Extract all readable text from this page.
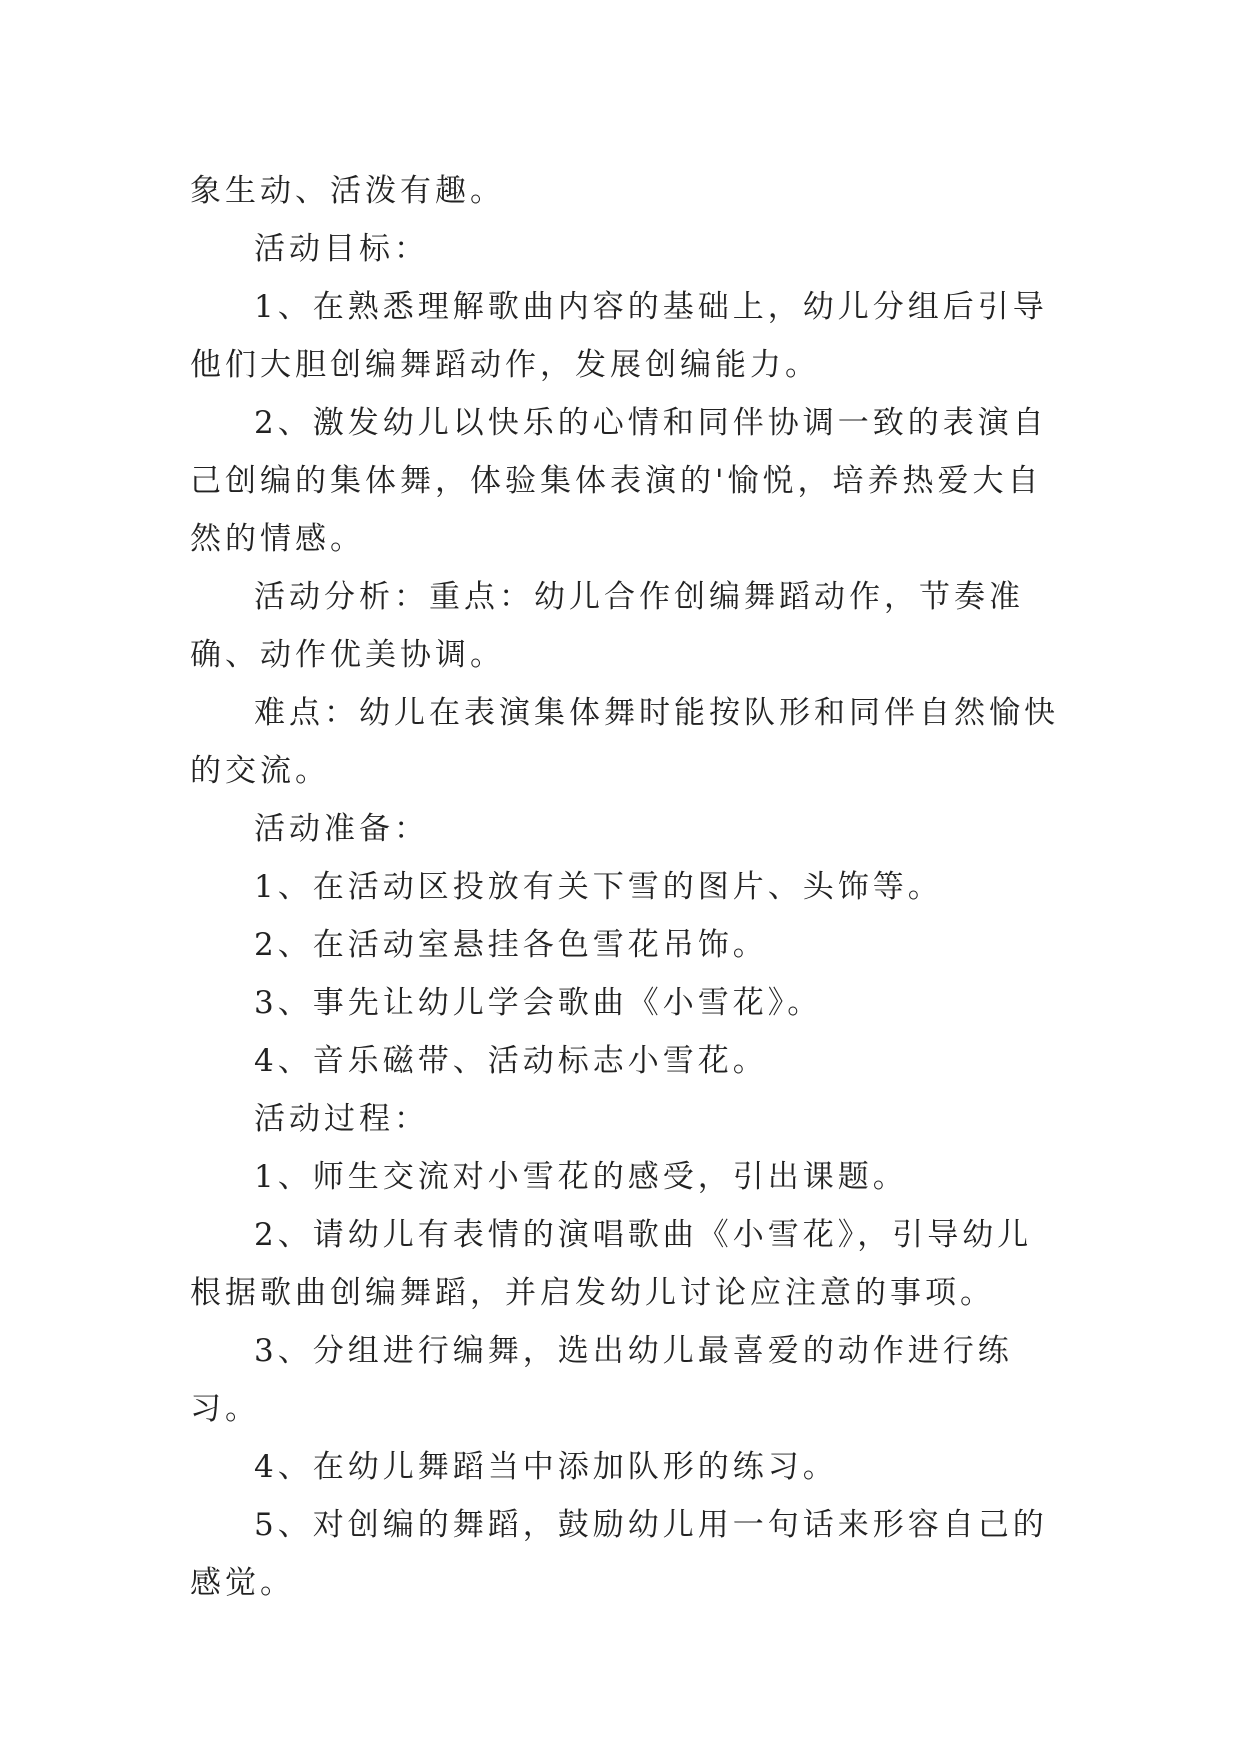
象生动、活泼有趣。

活动目标：

1、在熟悉理解歌曲内容的基础上，幼儿分组后引导他们大胆创编舞蹈动作，发展创编能力。

2、激发幼儿以快乐的心情和同伴协调一致的表演自己创编的集体舞，体验集体表演的'愉悦，培养热爱大自然的情感。

活动分析：重点：幼儿合作创编舞蹈动作，节奏准确、动作优美协调。

难点：幼儿在表演集体舞时能按队形和同伴自然愉快的交流。

活动准备：

1、在活动区投放有关下雪的图片、头饰等。

2、在活动室悬挂各色雪花吊饰。

3、事先让幼儿学会歌曲《小雪花》。

4、音乐磁带、活动标志小雪花。

活动过程：

1、师生交流对小雪花的感受，引出课题。

2、请幼儿有表情的演唱歌曲《小雪花》，引导幼儿根据歌曲创编舞蹈，并启发幼儿讨论应注意的事项。

3、分组进行编舞，选出幼儿最喜爱的动作进行练习。

4、在幼儿舞蹈当中添加队形的练习。

5、对创编的舞蹈，鼓励幼儿用一句话来形容自己的感觉。
